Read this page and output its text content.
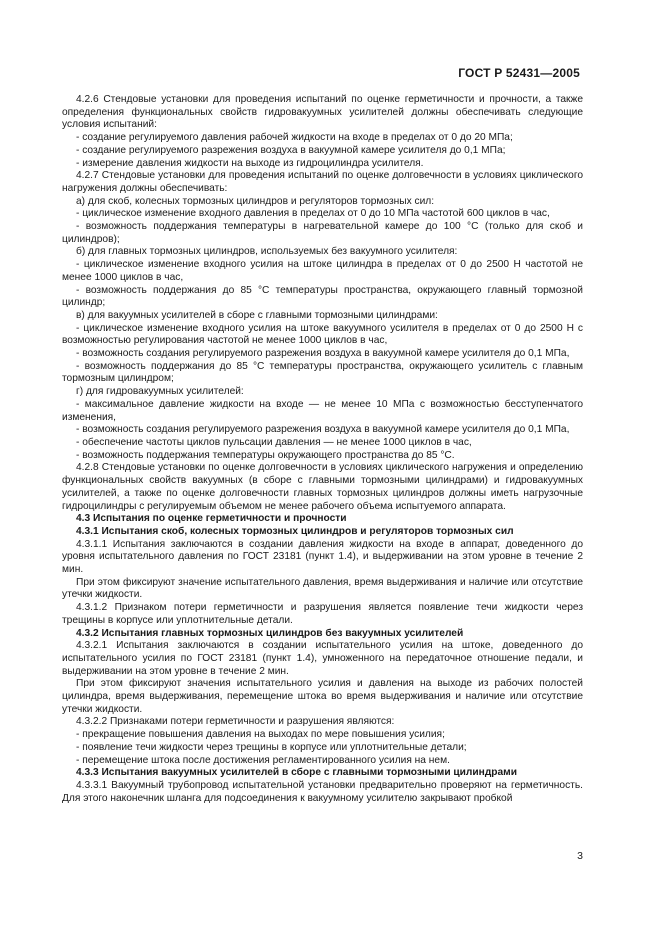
ГОСТ Р 52431—2005

4.2.6 Стендовые установки для проведения испытаний по оценке герметичности и прочности, а также определения функциональных свойств гидровакуумных усилителей должны обеспечивать следующие условия испытаний:

- создание регулируемого давления рабочей жидкости на входе в пределах от 0 до 20 МПа;

- создание регулируемого разрежения воздуха в вакуумной камере усилителя до 0,1 МПа;

- измерение давления жидкости на выходе из гидроцилиндра усилителя.

4.2.7 Стендовые установки для проведения испытаний по оценке долговечности в условиях циклического нагружения должны обеспечивать:

а) для скоб, колесных тормозных цилиндров и регуляторов тормозных сил:

- циклическое изменение входного давления в пределах от 0 до 10 МПа частотой 600 циклов в час,

- возможность поддержания температуры в нагревательной камере до 100 °С (только для скоб и цилиндров);

б) для главных тормозных цилиндров, используемых без вакуумного усилителя:

- циклическое изменение входного усилия на штоке цилиндра в пределах от 0 до 2500 Н частотой не менее 1000 циклов в час,

- возможность поддержания до 85 °С температуры пространства, окружающего главный тормозной цилиндр;

в) для вакуумных усилителей в сборе с главными тормозными цилиндрами:

- циклическое изменение входного усилия на штоке вакуумного усилителя в пределах от 0 до 2500 Н с возможностью регулирования частотой не менее 1000 циклов в час,

- возможность создания регулируемого разрежения воздуха в вакуумной камере усилителя до 0,1 МПа,

- возможность поддержания до 85 °С температуры пространства, окружающего усилитель с главным тормозным цилиндром;

г) для гидровакуумных усилителей:

- максимальное давление жидкости на входе — не менее 10 МПа с возможностью бесступенчатого изменения,

- возможность создания регулируемого разрежения воздуха в вакуумной камере усилителя до 0,1 МПа,

- обеспечение частоты циклов пульсации давления — не менее 1000 циклов в час,

- возможность поддержания температуры окружающего пространства до 85 °С.

4.2.8 Стендовые установки по оценке долговечности в условиях циклического нагружения и определению функциональных свойств вакуумных (в сборе с главными тормозными цилиндрами) и гидровакуумных усилителей, а также по оценке долговечности главных тормозных цилиндров должны иметь нагрузочные гидроцилиндры с регулируемым объемом не менее рабочего объема испытуемого аппарата.

4.3 Испытания по оценке герметичности и прочности

4.3.1 Испытания скоб, колесных тормозных цилиндров и регуляторов тормозных сил

4.3.1.1 Испытания заключаются в создании давления жидкости на входе в аппарат, доведенного до уровня испытательного давления по ГОСТ 23181 (пункт 1.4), и выдерживании на этом уровне в течение 2 мин.

При этом фиксируют значение испытательного давления, время выдерживания и наличие или отсутствие утечки жидкости.

4.3.1.2 Признаком потери герметичности и разрушения является появление течи жидкости через трещины в корпусе или уплотнительные детали.

4.3.2 Испытания главных тормозных цилиндров без вакуумных усилителей

4.3.2.1 Испытания заключаются в создании испытательного усилия на штоке, доведенного до испытательного усилия по ГОСТ 23181 (пункт 1.4), умноженного на передаточное отношение педали, и выдерживании на этом уровне в течение 2 мин.

При этом фиксируют значения испытательного усилия и давления на выходе из рабочих полостей цилиндра, время выдерживания, перемещение штока во время выдерживания и наличие или отсутствие утечки жидкости.

4.3.2.2 Признаками потери герметичности и разрушения являются:

- прекращение повышения давления на выходах по мере повышения усилия;

- появление течи жидкости через трещины в корпусе или уплотнительные детали;

- перемещение штока после достижения регламентированного усилия на нем.

4.3.3 Испытания вакуумных усилителей в сборе с главными тормозными цилиндрами

4.3.3.1 Вакуумный трубопровод испытательной установки предварительно проверяют на герметичность. Для этого наконечник шланга для подсоединения к вакуумному усилителю закрывают пробкой

3
